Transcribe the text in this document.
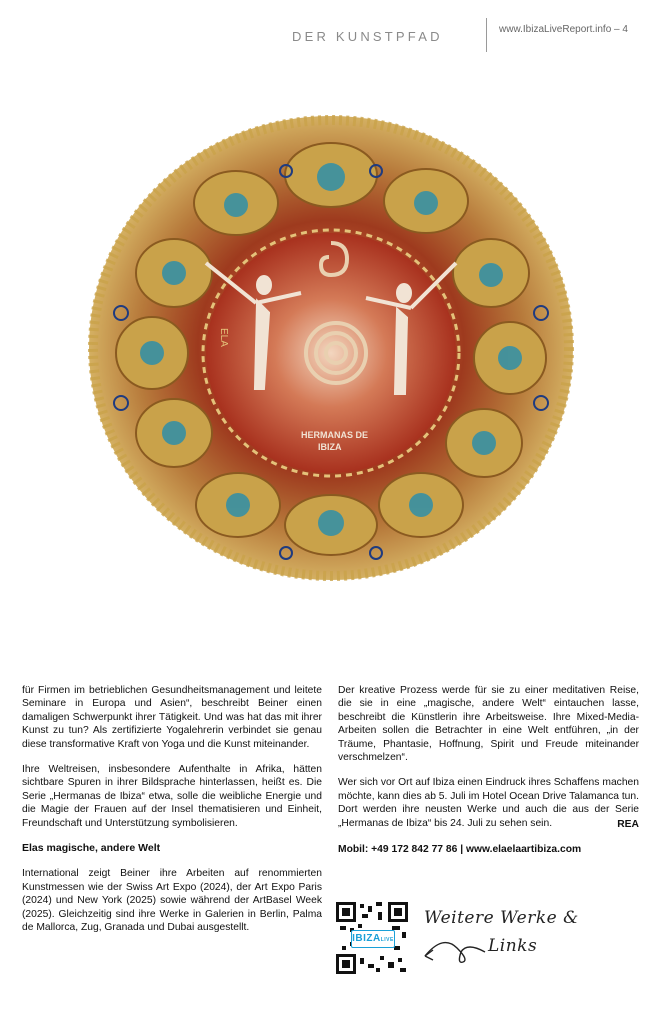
DER KUNSTPFAD	www.IbizaLiveReport.info – 4
ELA
HERMANAS DE
IBIZA

für Firmen im betrieblichen Gesundheitsmanagement und leitete Seminare in Europa und Asien“, beschreibt Beiner einen damaligen Schwerpunkt ihrer Tätigkeit. Und was hat das mit ihrer Kunst zu tun? Als zertifizierte Yogalehrerin verbindet sie genau diese transformative Kraft von Yoga und die Kunst miteinander.

Ihre Weltreisen, insbesondere Aufenthalte in Afrika, hätten sichtbare Spuren in ihrer Bildsprache hinterlassen, heißt es. Die Serie „Hermanas de Ibiza“ etwa, solle die weibliche Energie und die Magie der Frauen auf der Insel thematisieren und Einheit, Freundschaft und Unterstützung symbolisieren.

Elas magische, andere Welt

International zeigt Beiner ihre Arbeiten auf renommierten Kunstmessen wie der Swiss Art Expo (2024), der Art Expo Paris (2024) und New York (2025) sowie während der ArtBasel Week (2025). Gleichzeitig sind ihre Werke in Galerien in Berlin, Palma de Mallorca, Zug, Granada und Dubai ausgestellt.

Der kreative Prozess werde für sie zu einer meditativen Reise, die sie in eine „magische, andere Welt“ eintauchen lasse, beschreibt die Künstlerin ihre Arbeitsweise. Ihre Mixed-Media-Arbeiten sollen die Betrachter in eine Welt entführen, „in der Träume, Phantasie, Hoffnung, Spirit und Freude miteinander verschmelzen“.

Wer sich vor Ort auf Ibiza einen Eindruck ihres Schaffens machen möchte, kann dies ab 5. Juli im Hotel Ocean Drive Talamanca tun. Dort werden ihre neusten Werke und auch die aus der Serie „Hermanas de Ibiza“ bis 24. Juli zu sehen sein.	REA

Mobil: +49 172 842 77 86 | www.elaelaartibiza.com

IBIZALIVE
Weitere Werke &
Links
